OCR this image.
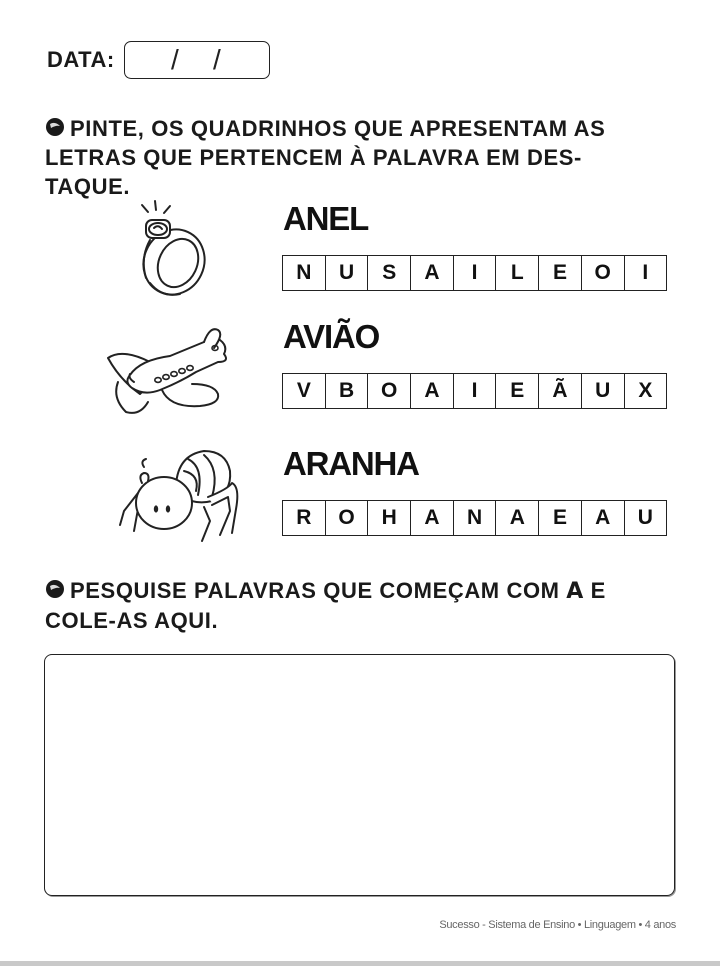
DATA: / /
PINTE, OS QUADRINHOS QUE APRESENTAM AS
LETRAS QUE PERTENCEM À PALAVRA EM DES-
TAQUE.
ANEL
N	U	S	A	I	L	E	O	I
AVIÃO
V	B	O	A	I	E	Ã	U	X
ARANHA
R	O	H	A	N	A	E	A	U
PESQUISE PALAVRAS QUE COMEÇAM COM A E
COLE-AS AQUI.
Sucesso - Sistema de Ensino • Linguagem • 4 anos
